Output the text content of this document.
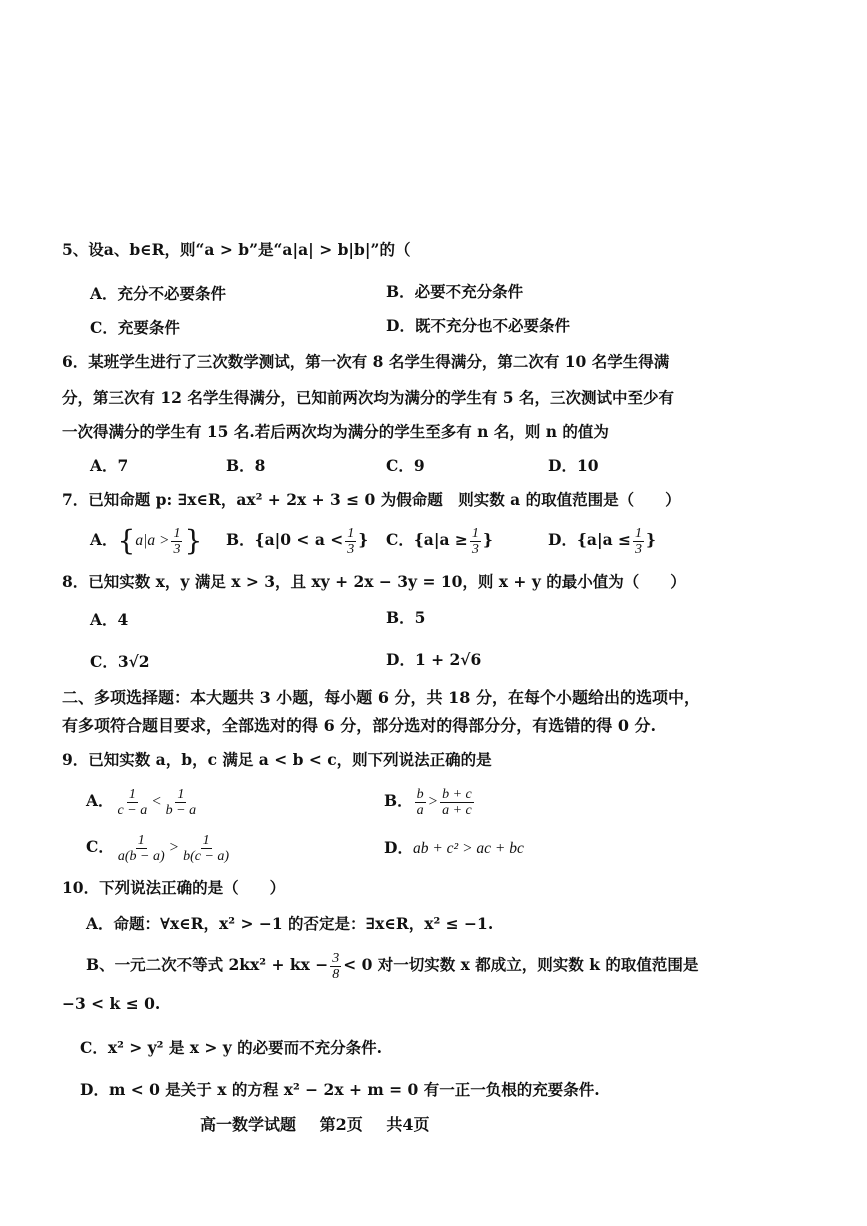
5、设a、b∈R，则“a > b”是“a|a| > b|b|”的（
A．充分不必要条件	B．必要不充分条件
C．充要条件	D．既不充分也不必要条件
6．某班学生进行了三次数学测试，第一次有 8 名学生得满分，第二次有 10 名学生得满
分，第三次有 12 名学生得满分，已知前两次均为满分的学生有 5 名，三次测试中至少有
一次得满分的学生有 15 名.若后两次均为满分的学生至多有 n 名，则 n 的值为
A．7	B．8	C．9	D．10
7．已知命题 p: ∃x∈R，ax² + 2x + 3 ≤ 0 为假命题　则实数 a 的取值范围是（　　）
A．{$a|a > \frac{1}{3}$ } B．{$a|0 < a < \frac{1}{3}$ } C．{$a|a \ge \frac{1}{3}$ }	D．{$a|a \le \frac{1}{3}$ }
8．已知实数 x，y 满足 x > 3，且 xy + 2x − 3y = 10，则 x + y 的最小值为（　　）
A．4	B．5
C．3√2	D．1 + 2√6
二、多项选择题：本大题共 3 小题，每小题 6 分，共 18 分，在每个小题给出的选项中，
有多项符合题目要求，全部选对的得 6 分，部分选对的得部分分，有选错的得 0 分.
9．已知实数 a，b，c 满足 a < b < c，则下列说法正确的是
A． $\frac{1}{c - a} < \frac{1}{b - a}$	B． $\frac{b}{a} > \frac{b + c}{a + c}$
C． $\frac{1}{a(b - a)} > \frac{1}{b(c - a)}$	D．ab + c² > ac + bc
10．下列说法正确的是（　　）
A．命题：∀x∈R，x² > −1 的否定是：∃x∈R，x² ≤ −1.
B、一元二次不等式 2kx² + kx − $\frac{3}{8} < 0$ 对一切实数 x 都成立，则实数 k 的取值范围是
−3 < k ≤ 0.
C．x² > y² 是 x > y 的必要而不充分条件.
D．m < 0 是关于 x 的方程 x² − 2x + m = 0 有一正一负根的充要条件.
高一数学试题 第2页 共4页
